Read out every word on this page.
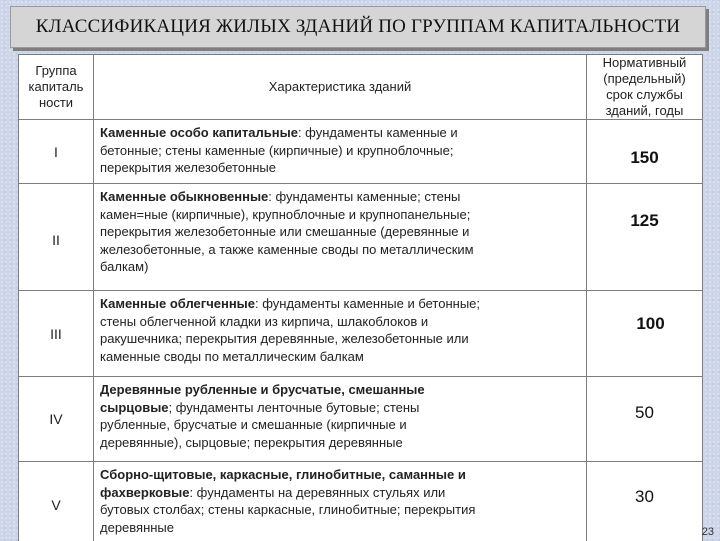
КЛАССИФИКАЦИЯ ЖИЛЫХ ЗДАНИЙ ПО ГРУППАМ КАПИТАЛЬНОСТИ
Группа
капиталь
ности
Характеристика зданий
Нормативный
(предельный)
срок службы
зданий, годы
I
Каменные особо капитальные: фундаменты каменные и
бетонные; стены каменные (кирпичные) и крупноблочные;
перекрытия железобетонные
150
II
Каменные обыкновенные: фундаменты каменные; стены
камен=ные (кирпичные), крупноблочные и крупнопанельные;
перекрытия железобетонные или смешанные (деревянные и
железобетонные, а также каменные своды по металлическим
балкам)
125
III
Каменные облегченные: фундаменты каменные и бетонные;
стены облегченной кладки из кирпича, шлакоблоков и
ракушечника; перекрытия деревянные, железобетонные или
каменные своды по металлическим балкам
100
IV
Деревянные рубленные и брусчатые, смешанные
сырцовые; фундаменты ленточные бутовые; стены
рубленные, брусчатые и смешанные (кирпичные и
деревянные), сырцовые; перекрытия деревянные
50
V
Сборно-щитовые, каркасные, глинобитные, саманные и
фахверковые: фундаменты на деревянных стульях или
бутовых столбах; стены каркасные, глинобитные; перекрытия
деревянные
30
23
